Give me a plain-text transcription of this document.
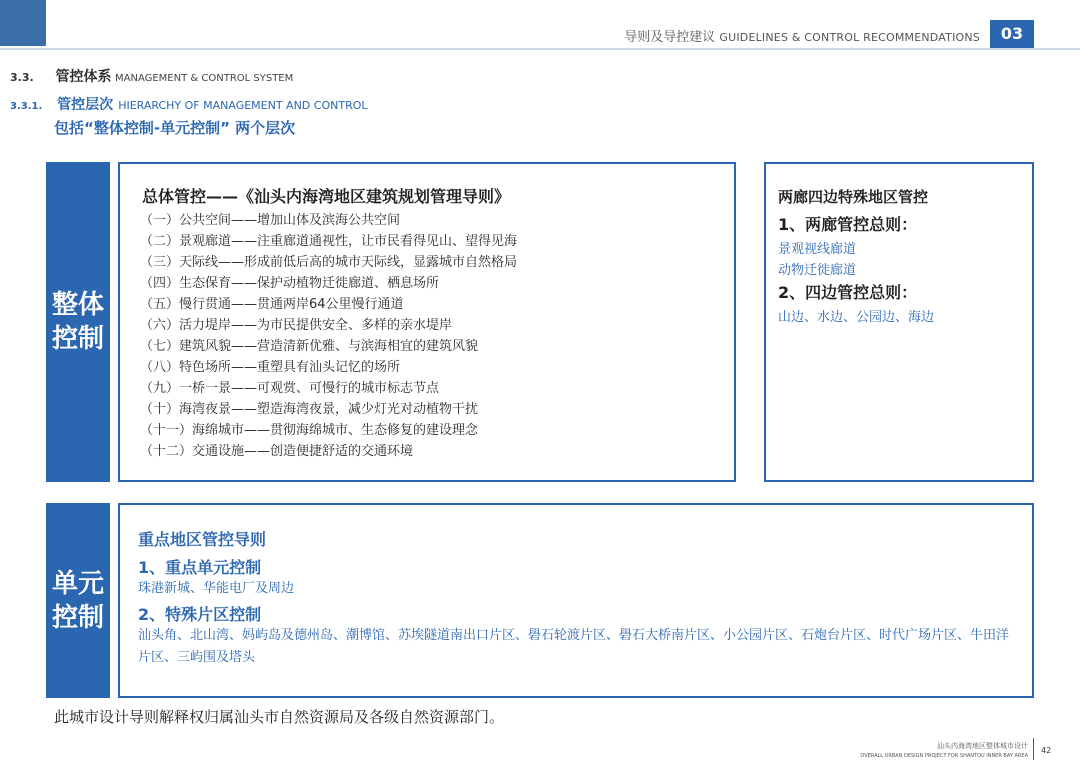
导则及导控建议 GUIDELINES & CONTROL RECOMMENDATIONS	03
3.3. 管控体系 MANAGEMENT & CONTROL SYSTEM
3.3.1. 管控层次 HIERARCHY OF MANAGEMENT AND CONTROL
包括“整体控制-单元控制” 两个层次
整体控制
总体管控——《汕头内海湾地区建筑规划管理导则》
（一）公共空间——增加山体及滨海公共空间
（二）景观廊道——注重廊道通视性，让市民看得见山、望得见海
（三）天际线——形成前低后高的城市天际线，显露城市自然格局
（四）生态保育——保护动植物迁徙廊道、栖息场所
（五）慢行贯通——贯通两岸64公里慢行通道
（六）活力堤岸——为市民提供安全、多样的亲水堤岸
（七）建筑风貌——营造清新优雅、与滨海相宜的建筑风貌
（八）特色场所——重塑具有汕头记忆的场所
（九）一桥一景——可观赏、可慢行的城市标志节点
（十）海湾夜景——塑造海湾夜景，减少灯光对动植物干扰
（十一）海绵城市——贯彻海绵城市、生态修复的建设理念
（十二）交通设施——创造便捷舒适的交通环境
两廊四边特殊地区管控
1、两廊管控总则：
景观视线廊道
动物迁徙廊道
2、四边管控总则：
山边、水边、公园边、海边
单元控制
重点地区管控导则
1、重点单元控制
珠港新城、华能电厂及周边
2、特殊片区控制
汕头角、北山湾、妈屿岛及德州岛、潮博馆、苏埃隧道南出口片区、礐石轮渡片区、礐石大桥南片区、小公园片区、石炮台片区、时代广场片区、牛田洋片区、三屿围及塔头
此城市设计导则解释权归属汕头市自然资源局及各级自然资源部门。
汕头内海湾地区整体城市设计
OVERALL URBAN DESIGN PROJECT FOR SHANTOU INNER BAY AREA
42
